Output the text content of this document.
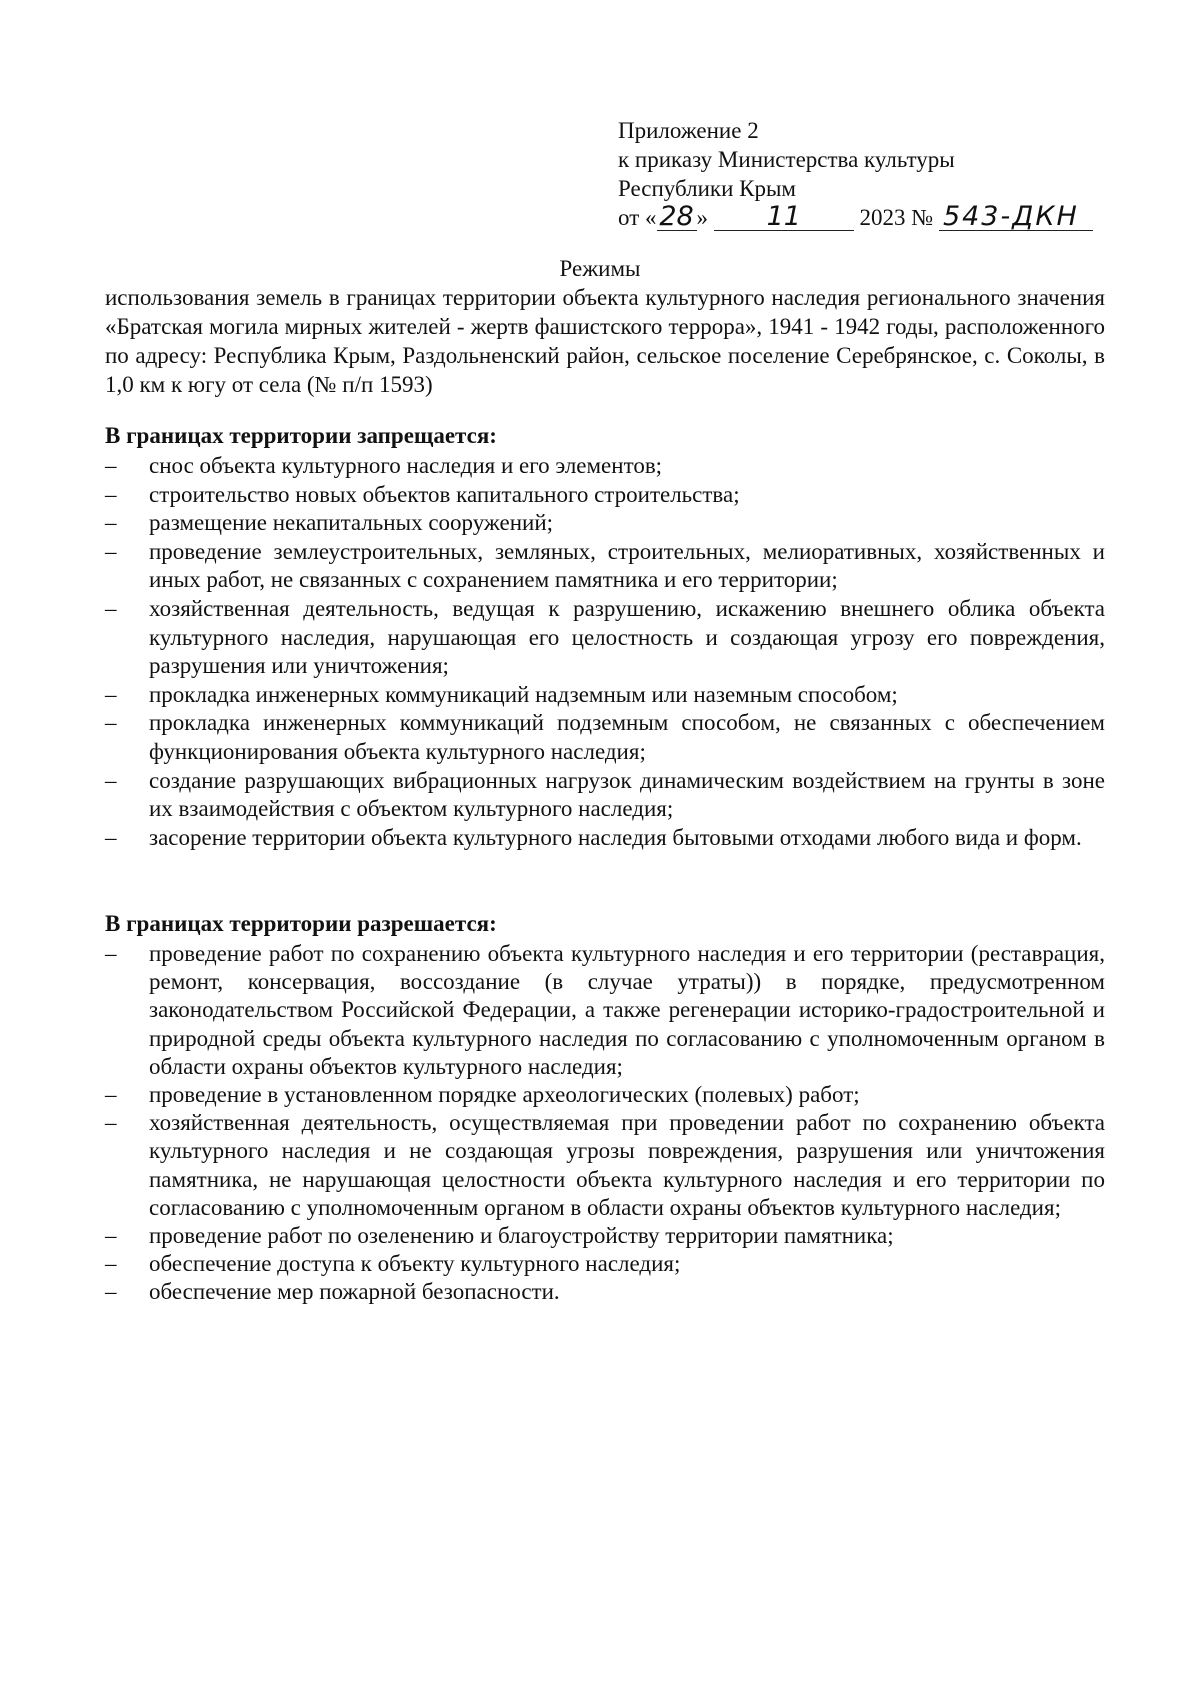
Приложение 2
к приказу Министерства культуры
Республики Крым
от « 28 » 11	2023 № 543-ДКН
Режимы
использования земель в границах территории объекта культурного наследия регионального значения «Братская могила мирных жителей - жертв фашистского террора», 1941 - 1942 годы, расположенного по адресу: Республика Крым, Раздольненский район, сельское поселение Серебрянское, с. Соколы, в 1,0 км к югу от села (№ п/п 1593)
В границах территории запрещается:
– снос объекта культурного наследия и его элементов;
– строительство новых объектов капитального строительства;
– размещение некапитальных сооружений;
– проведение землеустроительных, земляных, строительных, мелиоративных, хозяйственных и иных работ, не связанных с сохранением памятника и его территории;
– хозяйственная деятельность, ведущая к разрушению, искажению внешнего облика объекта культурного наследия, нарушающая его целостность и создающая угрозу его повреждения, разрушения или уничтожения;
– прокладка инженерных коммуникаций надземным или наземным способом;
– прокладка инженерных коммуникаций подземным способом, не связанных с обеспечением функционирования объекта культурного наследия;
– создание разрушающих вибрационных нагрузок динамическим воздействием на грунты в зоне их взаимодействия с объектом культурного наследия;
– засорение территории объекта культурного наследия бытовыми отходами любого вида и форм.
В границах территории разрешается:
– проведение работ по сохранению объекта культурного наследия и его территории (реставрация, ремонт, консервация, воссоздание (в случае утраты)) в порядке, предусмотренном законодательством Российской Федерации, а также регенерации историко-градостроительной и природной среды объекта культурного наследия по согласованию с уполномоченным органом в области охраны объектов культурного наследия;
– проведение в установленном порядке археологических (полевых) работ;
– хозяйственная деятельность, осуществляемая при проведении работ по сохранению объекта культурного наследия и не создающая угрозы повреждения, разрушения или уничтожения памятника, не нарушающая целостности объекта культурного наследия и его территории по согласованию с уполномоченным органом в области охраны объектов культурного наследия;
– проведение работ по озеленению и благоустройству территории памятника;
– обеспечение доступа к объекту культурного наследия;
– обеспечение мер пожарной безопасности.
